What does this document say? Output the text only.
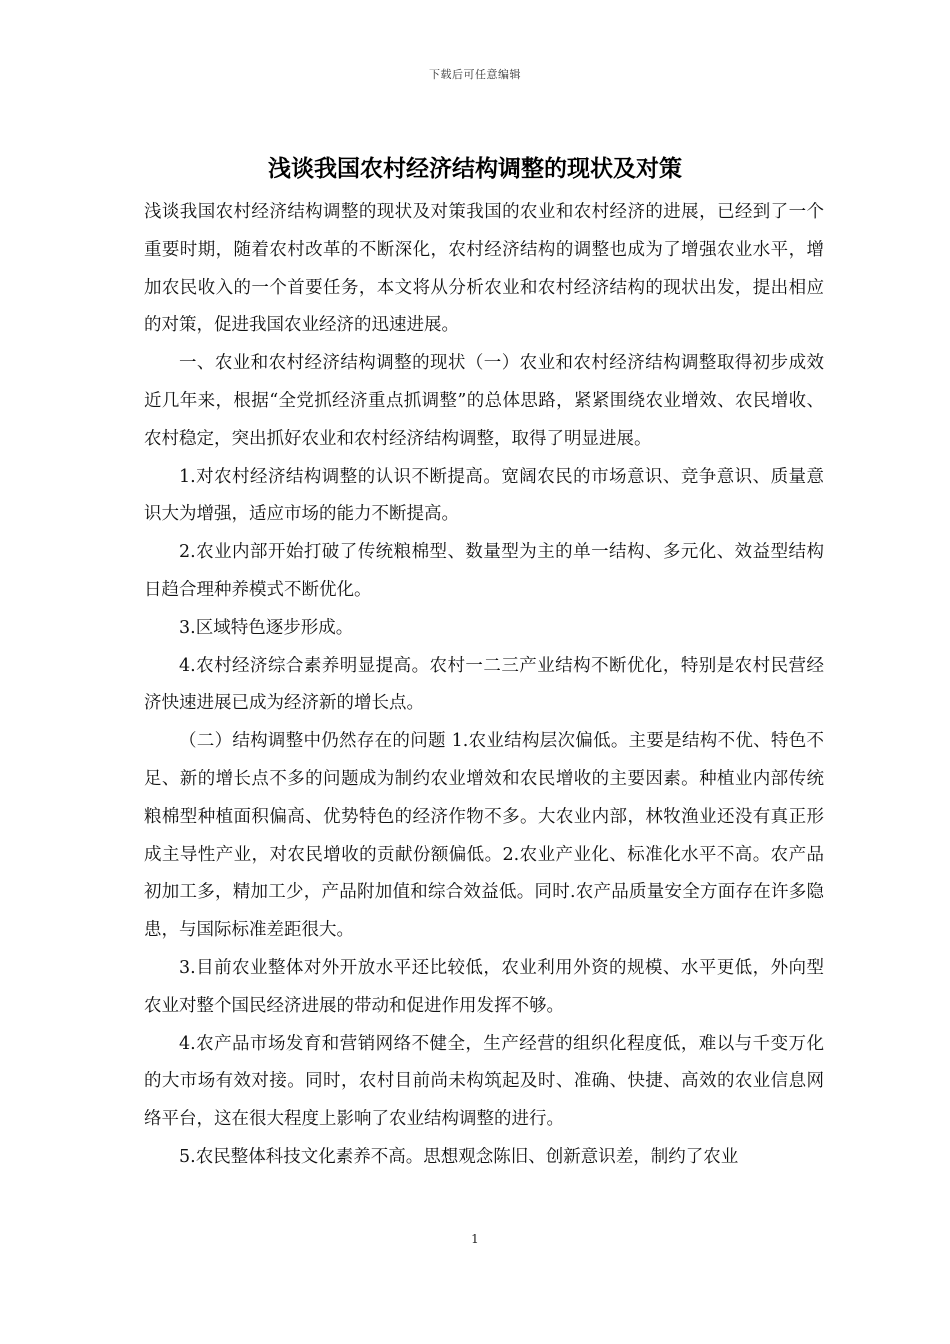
下载后可任意编辑
浅谈我国农村经济结构调整的现状及对策

浅谈我国农村经济结构调整的现状及对策我国的农业和农村经济的进展，已经到了一个重要时期，随着农村改革的不断深化，农村经济结构的调整也成为了增强农业水平，增加农民收入的一个首要任务，本文将从分析农业和农村经济结构的现状出发，提出相应的对策，促进我国农业经济的迅速进展。

一、农业和农村经济结构调整的现状（一）农业和农村经济结构调整取得初步成效近几年来，根据“全党抓经济重点抓调整”的总体思路，紧紧围绕农业增效、农民增收、农村稳定，突出抓好农业和农村经济结构调整，取得了明显进展。

1.对农村经济结构调整的认识不断提高。宽阔农民的市场意识、竞争意识、质量意识大为增强，适应市场的能力不断提高。

2.农业内部开始打破了传统粮棉型、数量型为主的单一结构、多元化、效益型结构日趋合理种养模式不断优化。

3.区域特色逐步形成。

4.农村经济综合素养明显提高。农村一二三产业结构不断优化，特别是农村民营经济快速进展已成为经济新的增长点。

（二）结构调整中仍然存在的问题 1.农业结构层次偏低。主要是结构不优、特色不足、新的增长点不多的问题成为制约农业增效和农民增收的主要因素。种植业内部传统粮棉型种植面积偏高、优势特色的经济作物不多。大农业内部，林牧渔业还没有真正形成主导性产业，对农民增收的贡献份额偏低。2.农业产业化、标准化水平不高。农产品初加工多，精加工少，产品附加值和综合效益低。同时.农产品质量安全方面存在许多隐患，与国际标准差距很大。

3.目前农业整体对外开放水平还比较低，农业利用外资的规模、水平更低，外向型农业对整个国民经济进展的带动和促进作用发挥不够。

4.农产品市场发育和营销网络不健全，生产经营的组织化程度低，难以与千变万化的大市场有效对接。同时，农村目前尚未构筑起及时、准确、快捷、高效的农业信息网络平台，这在很大程度上影响了农业结构调整的进行。

5.农民整体科技文化素养不高。思想观念陈旧、创新意识差，制约了农业

1
